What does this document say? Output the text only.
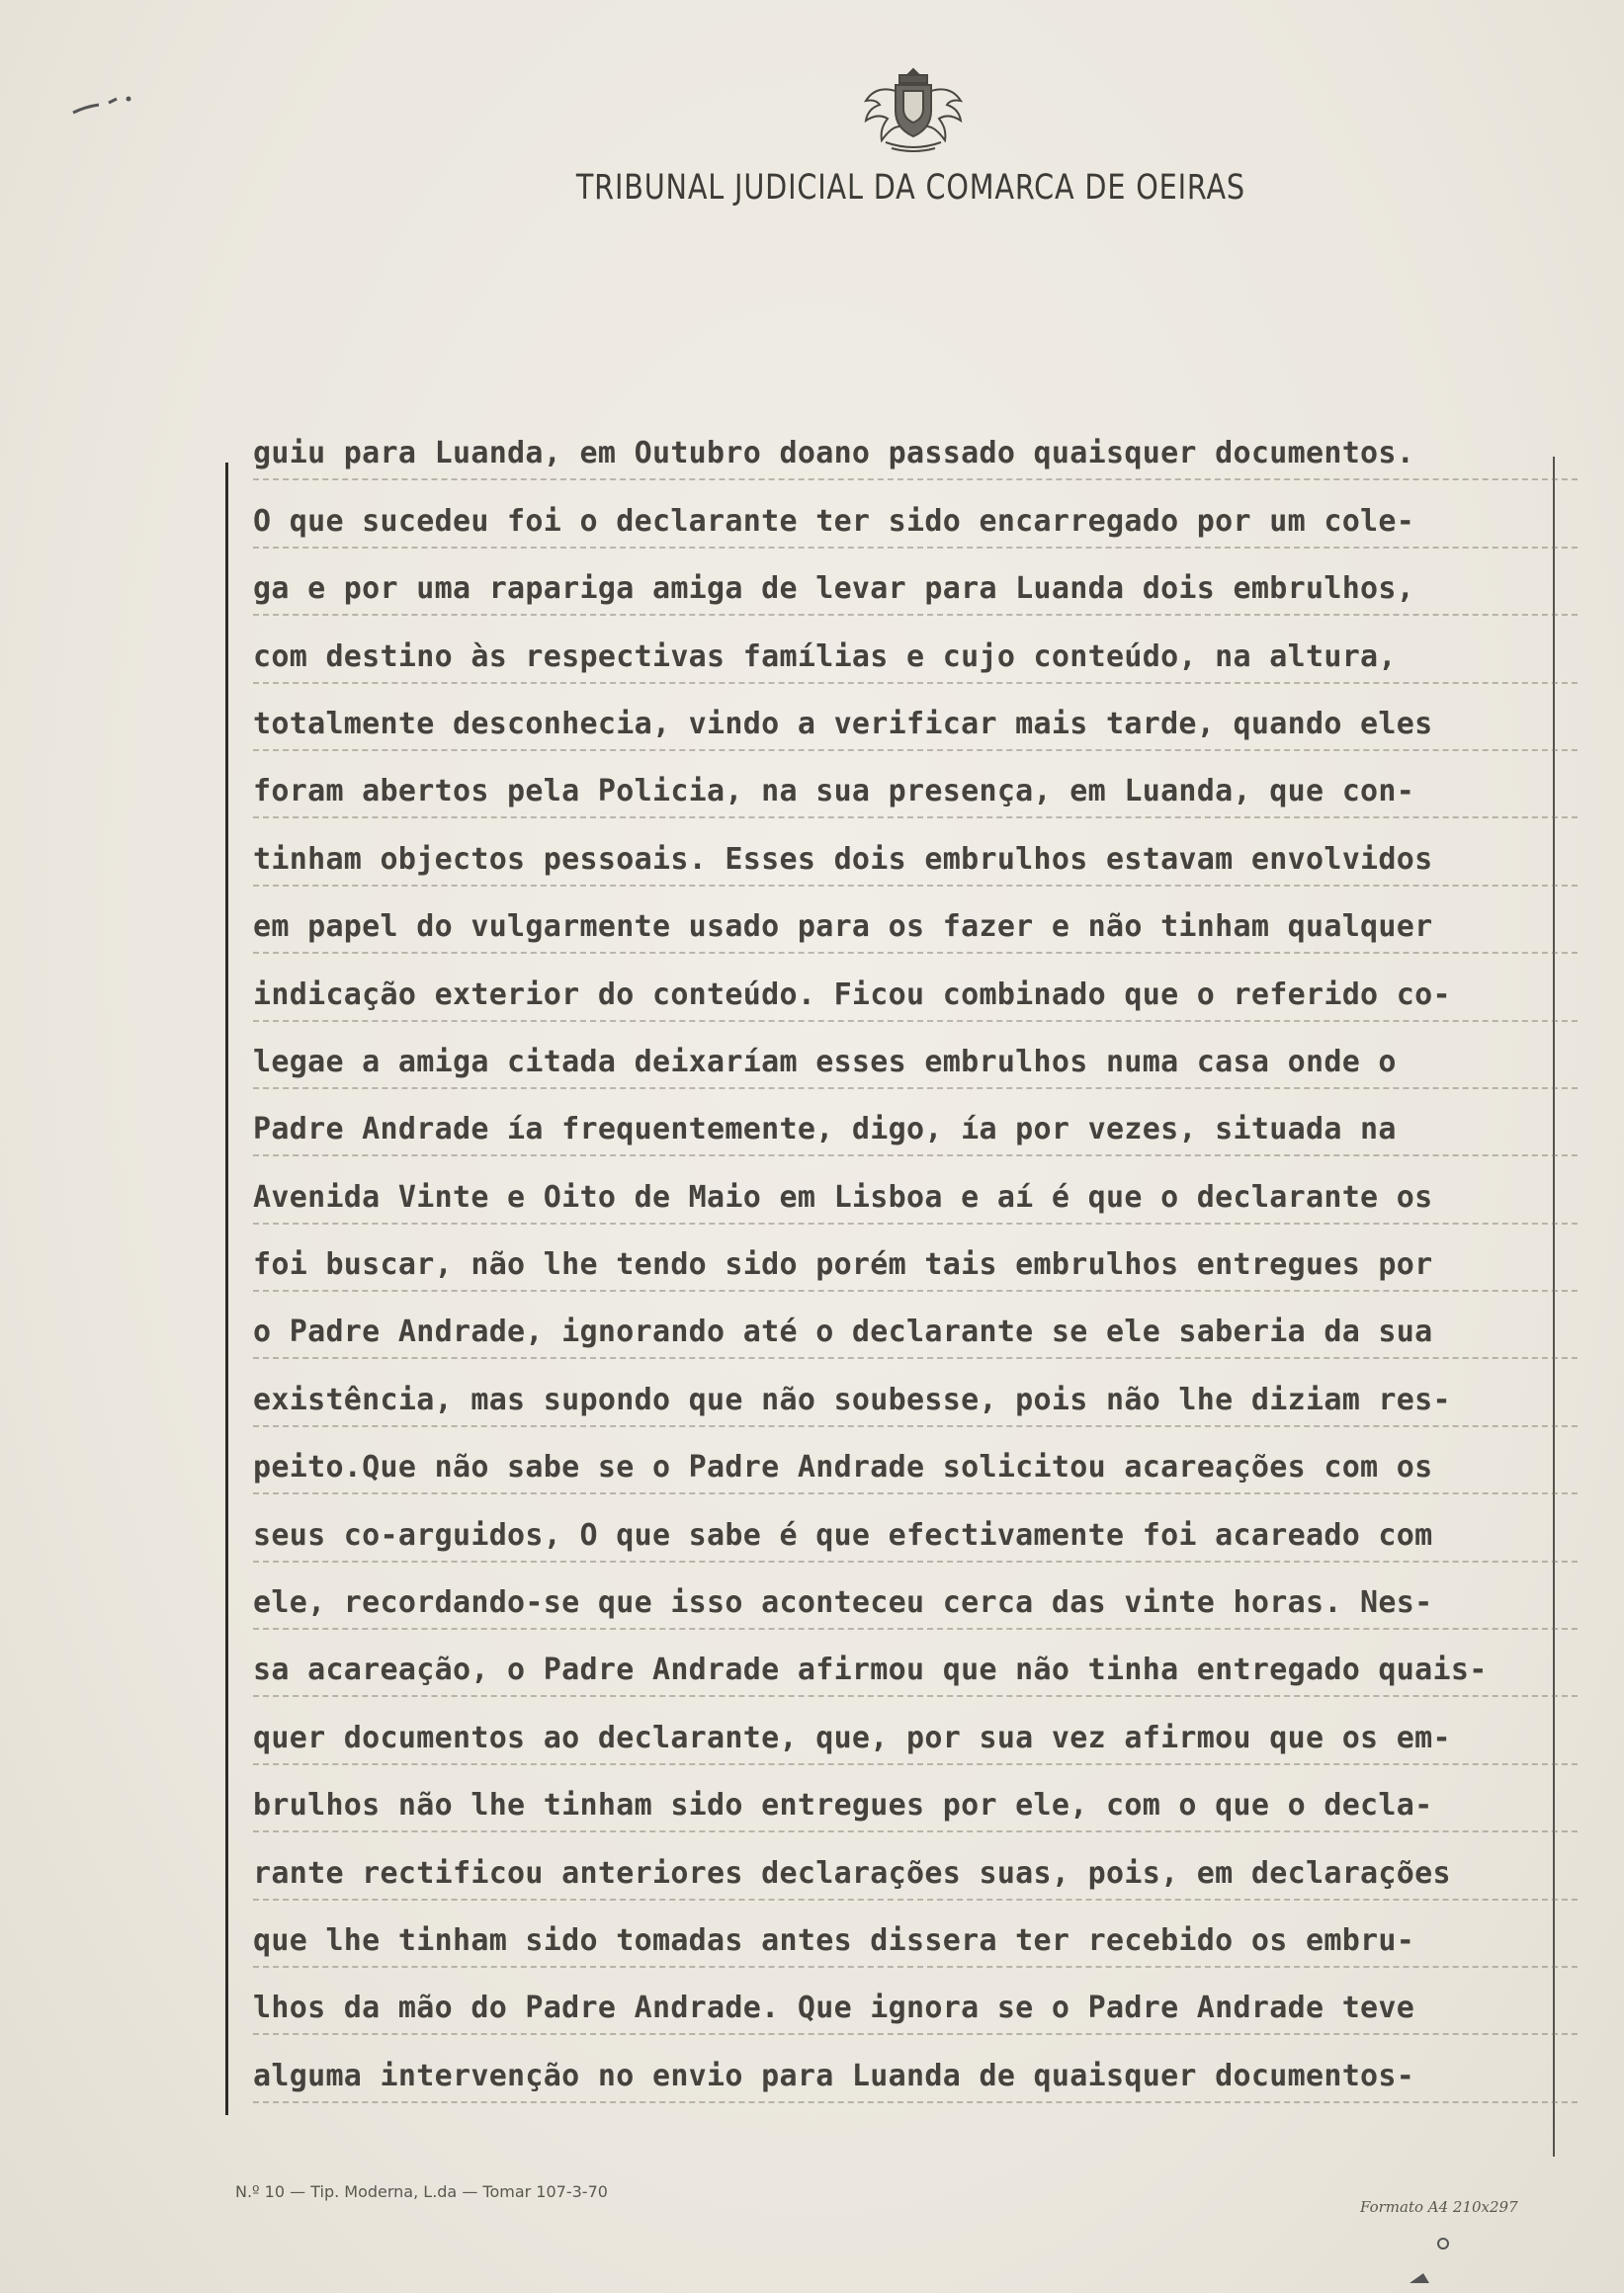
TRIBUNAL JUDICIAL DA COMARCA DE OEIRAS
guiu para Luanda, em Outubro doano passado quaisquer documentos.
O que sucedeu foi o declarante ter sido encarregado por um cole-
ga e por uma rapariga amiga de levar para Luanda dois embrulhos,
com destino às respectivas famílias e cujo conteúdo, na altura,
totalmente desconhecia, vindo a verificar mais tarde, quando eles
foram abertos pela Policia, na sua presença, em Luanda, que con-
tinham objectos pessoais. Esses dois embrulhos estavam envolvidos
em papel do vulgarmente usado para os fazer e não tinham qualquer
indicação exterior do conteúdo. Ficou combinado que o referido co-
legae a amiga citada deixaríam esses embrulhos numa casa onde o
Padre Andrade ía frequentemente, digo, ía por vezes, situada na
Avenida Vinte e Oito de Maio em Lisboa e aí é que o declarante os
foi buscar, não lhe tendo sido porém tais embrulhos entregues por
o Padre Andrade, ignorando até o declarante se ele saberia da sua
existência, mas supondo que não soubesse, pois não lhe diziam res-
peito.Que não sabe se o Padre Andrade solicitou acareações com os
seus co-arguidos, O que sabe é que efectivamente foi acareado com
ele, recordando-se que isso aconteceu cerca das vinte horas. Nes-
sa acareação, o Padre Andrade afirmou que não tinha entregado quais-
quer documentos ao declarante, que, por sua vez afirmou que os em-
brulhos não lhe tinham sido entregues por ele, com o que o decla-
rante rectificou anteriores declarações suas, pois, em declarações
que lhe tinham sido tomadas antes dissera ter recebido os embru-
lhos da mão do Padre Andrade. Que ignora se o Padre Andrade teve
alguma intervenção no envio para Luanda de quaisquer documentos-
N.º 10 — Tip. Moderna, L.da — Tomar 107-3-70
Formato A4 210x297
